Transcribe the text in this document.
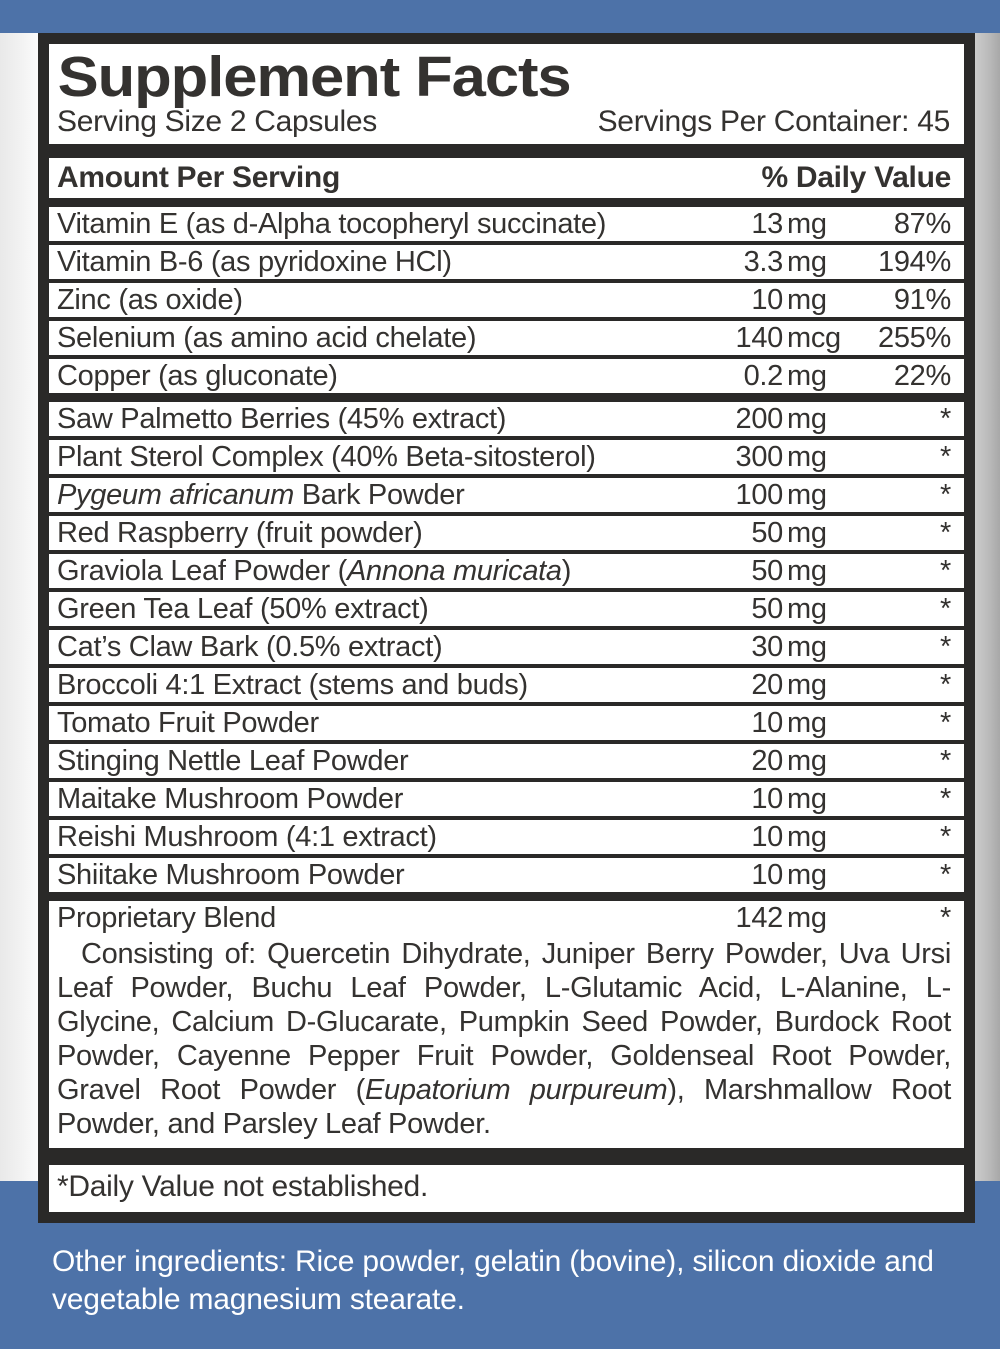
Supplement Facts
Serving Size 2 Capsules	Servings Per Container: 45
Amount Per Serving	% Daily Value
Vitamin E (as d-Alpha tocopheryl succinate)	13 mg	87%
Vitamin B-6 (as pyridoxine HCl)	3.3 mg	194%
Zinc (as oxide)	10 mg	91%
Selenium (as amino acid chelate)	140 mcg	255%
Copper (as gluconate)	0.2 mg	22%
Saw Palmetto Berries (45% extract)	200 mg	*
Plant Sterol Complex (40% Beta-sitosterol)	300 mg	*
Pygeum africanum Bark Powder	100 mg	*
Red Raspberry (fruit powder)	50 mg	*
Graviola Leaf Powder (Annona muricata)	50 mg	*
Green Tea Leaf (50% extract)	50 mg	*
Cat’s Claw Bark (0.5% extract)	30 mg	*
Broccoli 4:1 Extract (stems and buds)	20 mg	*
Tomato Fruit Powder	10 mg	*
Stinging Nettle Leaf Powder	20 mg	*
Maitake Mushroom Powder	10 mg	*
Reishi Mushroom (4:1 extract)	10 mg	*
Shiitake Mushroom Powder	10 mg	*
Proprietary Blend	142 mg	*
Consisting of: Quercetin Dihydrate, Juniper Berry Powder, Uva Ursi Leaf Powder, Buchu Leaf Powder, L-Glutamic Acid, L-Alanine, L-Glycine, Calcium D-Glucarate, Pumpkin Seed Powder, Burdock Root Powder, Cayenne Pepper Fruit Powder, Goldenseal Root Powder, Gravel Root Powder (Eupatorium purpureum), Marshmallow Root Powder, and Parsley Leaf Powder.
*Daily Value not established.
Other ingredients: Rice powder, gelatin (bovine), silicon dioxide and vegetable magnesium stearate.
